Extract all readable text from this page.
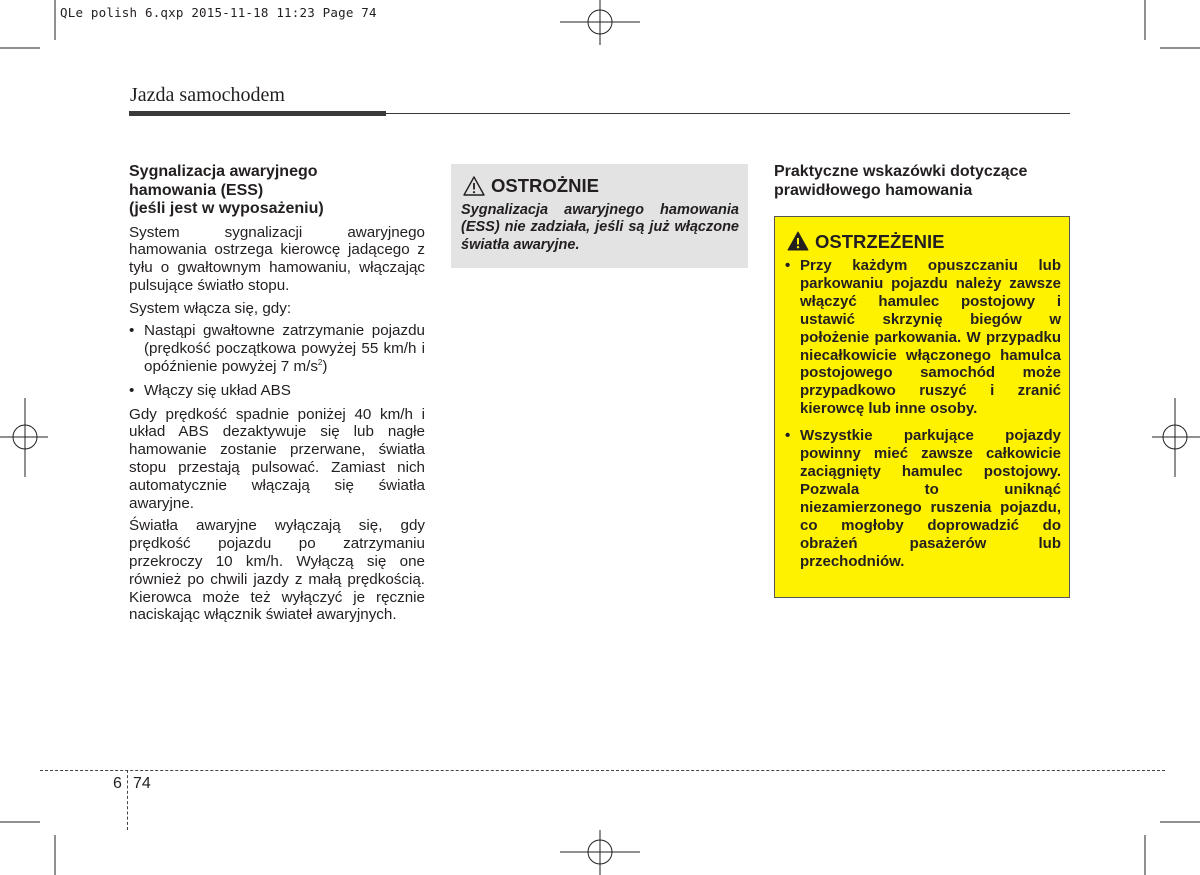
QLe polish 6.qxp 2015-11-18 11:23 Page 74
Jazda samochodem

Sygnalizacja awaryjnego
hamowania (ESS)
(jeśli jest w wyposażeniu)

System sygnalizacji awaryjnego hamowania ostrzega kierowcę jadącego z tyłu o gwałtownym hamowaniu, włączając pulsujące światło stopu.

System włącza się, gdy:

• Nastąpi gwałtowne zatrzymanie pojazdu (prędkość początkowa powyżej 55 km/h i opóźnienie powyżej 7 $m/s^2$)
• Włączy się układ ABS

Gdy prędkość spadnie poniżej 40 km/h i układ ABS dezaktywuje się lub nagłe hamowanie zostanie przerwane, światła stopu przestają pulsować. Zamiast nich automatycznie włączają się światła awaryjne.

Światła awaryjne wyłączają się, gdy prędkość pojazdu po zatrzymaniu przekroczy 10 km/h. Wyłączą się one również po chwili jazdy z małą prędkością. Kierowca może też wyłączyć je ręcznie naciskając włącznik świateł awaryjnych.

OSTROŻNIE
Sygnalizacja awaryjnego hamowania (ESS) nie zadziała, jeśli są już włączone światła awaryjne.
Praktyczne wskazówki dotyczące
prawidłowego hamowania
OSTRZEŻENIE
• Przy każdym opuszczaniu lub parkowaniu pojazdu należy zawsze włączyć hamulec postojowy i ustawić skrzynię biegów w położenie parkowania. W przypadku niecałkowicie włączonego hamulca postojowego samochód może przypadkowo ruszyć i zranić kierowcę lub inne osoby.
• Wszystkie parkujące pojazdy powinny mieć zawsze całkowicie zaciągnięty hamulec postojowy. Pozwala to uniknąć niezamierzonego ruszenia pojazdu, co mogłoby doprowadzić do obrażeń pasażerów lub przechodniów.
6 74
